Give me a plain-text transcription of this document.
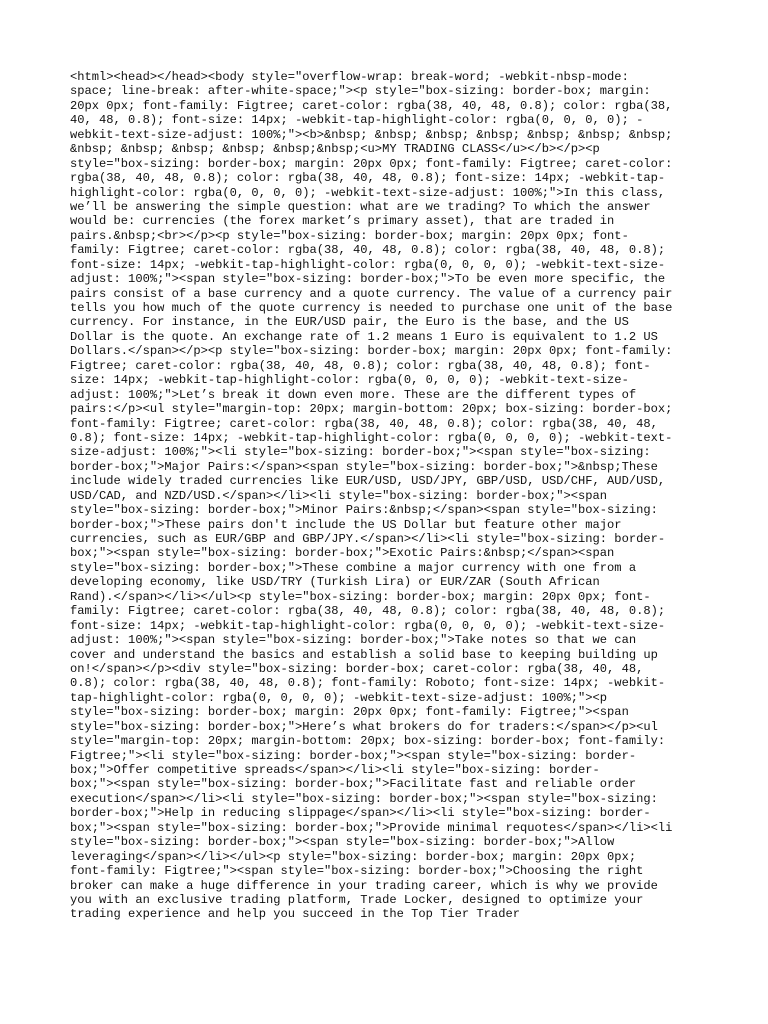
<html><head></head><body style="overflow-wrap: break-word; -webkit-nbsp-mode:
space; line-break: after-white-space;"><p style="box-sizing: border-box; margin:
20px 0px; font-family: Figtree; caret-color: rgba(38, 40, 48, 0.8); color: rgba(38,
40, 48, 0.8); font-size: 14px; -webkit-tap-highlight-color: rgba(0, 0, 0, 0); -
webkit-text-size-adjust: 100%;"><b>&nbsp; &nbsp; &nbsp; &nbsp; &nbsp; &nbsp; &nbsp;
&nbsp; &nbsp; &nbsp; &nbsp; &nbsp;&nbsp;<u>MY TRADING CLASS</u></b></p><p
style="box-sizing: border-box; margin: 20px 0px; font-family: Figtree; caret-color:
rgba(38, 40, 48, 0.8); color: rgba(38, 40, 48, 0.8); font-size: 14px; -webkit-tap-
highlight-color: rgba(0, 0, 0, 0); -webkit-text-size-adjust: 100%;">In this class,
we’ll be answering the simple question: what are we trading? To which the answer
would be: currencies (the forex market’s primary asset), that are traded in
pairs.&nbsp;<br></p><p style="box-sizing: border-box; margin: 20px 0px; font-
family: Figtree; caret-color: rgba(38, 40, 48, 0.8); color: rgba(38, 40, 48, 0.8);
font-size: 14px; -webkit-tap-highlight-color: rgba(0, 0, 0, 0); -webkit-text-size-
adjust: 100%;"><span style="box-sizing: border-box;">To be even more specific, the
pairs consist of a base currency and a quote currency. The value of a currency pair
tells you how much of the quote currency is needed to purchase one unit of the base
currency. For instance, in the EUR/USD pair, the Euro is the base, and the US
Dollar is the quote. An exchange rate of 1.2 means 1 Euro is equivalent to 1.2 US
Dollars.</span></p><p style="box-sizing: border-box; margin: 20px 0px; font-family:
Figtree; caret-color: rgba(38, 40, 48, 0.8); color: rgba(38, 40, 48, 0.8); font-
size: 14px; -webkit-tap-highlight-color: rgba(0, 0, 0, 0); -webkit-text-size-
adjust: 100%;">Let’s break it down even more. These are the different types of
pairs:</p><ul style="margin-top: 20px; margin-bottom: 20px; box-sizing: border-box;
font-family: Figtree; caret-color: rgba(38, 40, 48, 0.8); color: rgba(38, 40, 48,
0.8); font-size: 14px; -webkit-tap-highlight-color: rgba(0, 0, 0, 0); -webkit-text-
size-adjust: 100%;"><li style="box-sizing: border-box;"><span style="box-sizing:
border-box;">Major Pairs:</span><span style="box-sizing: border-box;">&nbsp;These
include widely traded currencies like EUR/USD, USD/JPY, GBP/USD, USD/CHF, AUD/USD,
USD/CAD, and NZD/USD.</span></li><li style="box-sizing: border-box;"><span
style="box-sizing: border-box;">Minor Pairs:&nbsp;</span><span style="box-sizing:
border-box;">These pairs don't include the US Dollar but feature other major
currencies, such as EUR/GBP and GBP/JPY.</span></li><li style="box-sizing: border-
box;"><span style="box-sizing: border-box;">Exotic Pairs:&nbsp;</span><span
style="box-sizing: border-box;">These combine a major currency with one from a
developing economy, like USD/TRY (Turkish Lira) or EUR/ZAR (South African
Rand).</span></li></ul><p style="box-sizing: border-box; margin: 20px 0px; font-
family: Figtree; caret-color: rgba(38, 40, 48, 0.8); color: rgba(38, 40, 48, 0.8);
font-size: 14px; -webkit-tap-highlight-color: rgba(0, 0, 0, 0); -webkit-text-size-
adjust: 100%;"><span style="box-sizing: border-box;">Take notes so that we can
cover and understand the basics and establish a solid base to keeping building up
on!</span></p><div style="box-sizing: border-box; caret-color: rgba(38, 40, 48,
0.8); color: rgba(38, 40, 48, 0.8); font-family: Roboto; font-size: 14px; -webkit-
tap-highlight-color: rgba(0, 0, 0, 0); -webkit-text-size-adjust: 100%;"><p
style="box-sizing: border-box; margin: 20px 0px; font-family: Figtree;"><span
style="box-sizing: border-box;">Here’s what brokers do for traders:</span></p><ul
style="margin-top: 20px; margin-bottom: 20px; box-sizing: border-box; font-family:
Figtree;"><li style="box-sizing: border-box;"><span style="box-sizing: border-
box;">Offer competitive spreads</span></li><li style="box-sizing: border-
box;"><span style="box-sizing: border-box;">Facilitate fast and reliable order
execution</span></li><li style="box-sizing: border-box;"><span style="box-sizing:
border-box;">Help in reducing slippage</span></li><li style="box-sizing: border-
box;"><span style="box-sizing: border-box;">Provide minimal requotes</span></li><li
style="box-sizing: border-box;"><span style="box-sizing: border-box;">Allow
leveraging</span></li></ul><p style="box-sizing: border-box; margin: 20px 0px;
font-family: Figtree;"><span style="box-sizing: border-box;">Choosing the right
broker can make a huge difference in your trading career, which is why we provide
you with an exclusive trading platform, Trade Locker, designed to optimize your
trading experience and help you succeed in the Top Tier Trader
